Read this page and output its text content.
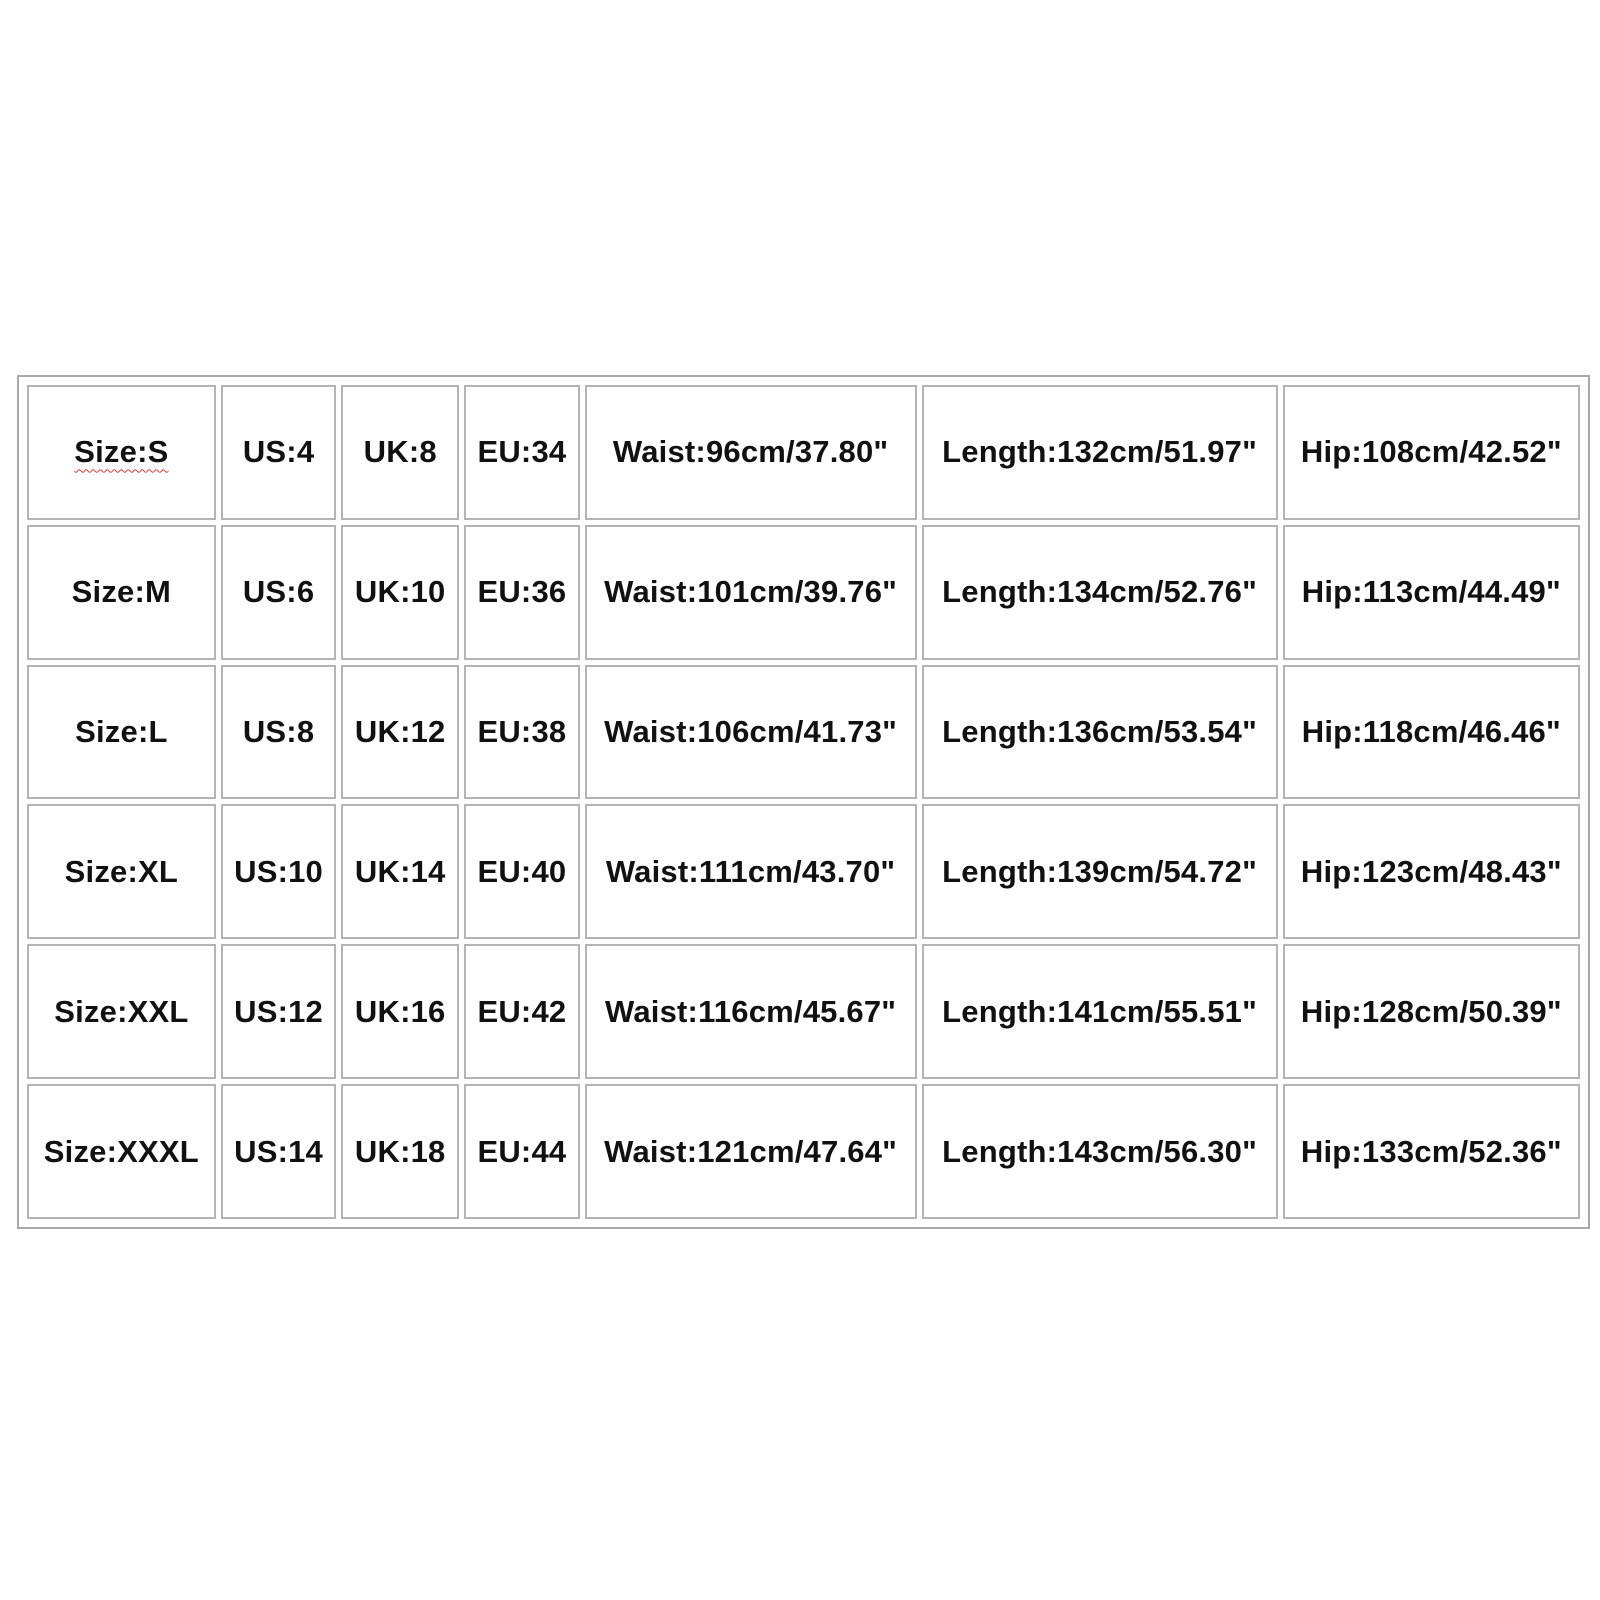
Size:S	US:4	UK:8	EU:34	Waist:96cm/37.80"	Length:132cm/51.97"	Hip:108cm/42.52"
Size:M	US:6	UK:10	EU:36	Waist:101cm/39.76"	Length:134cm/52.76"	Hip:113cm/44.49"
Size:L	US:8	UK:12	EU:38	Waist:106cm/41.73"	Length:136cm/53.54"	Hip:118cm/46.46"
Size:XL	US:10	UK:14	EU:40	Waist:111cm/43.70"	Length:139cm/54.72"	Hip:123cm/48.43"
Size:XXL	US:12	UK:16	EU:42	Waist:116cm/45.67"	Length:141cm/55.51"	Hip:128cm/50.39"
Size:XXXL	US:14	UK:18	EU:44	Waist:121cm/47.64"	Length:143cm/56.30"	Hip:133cm/52.36"
